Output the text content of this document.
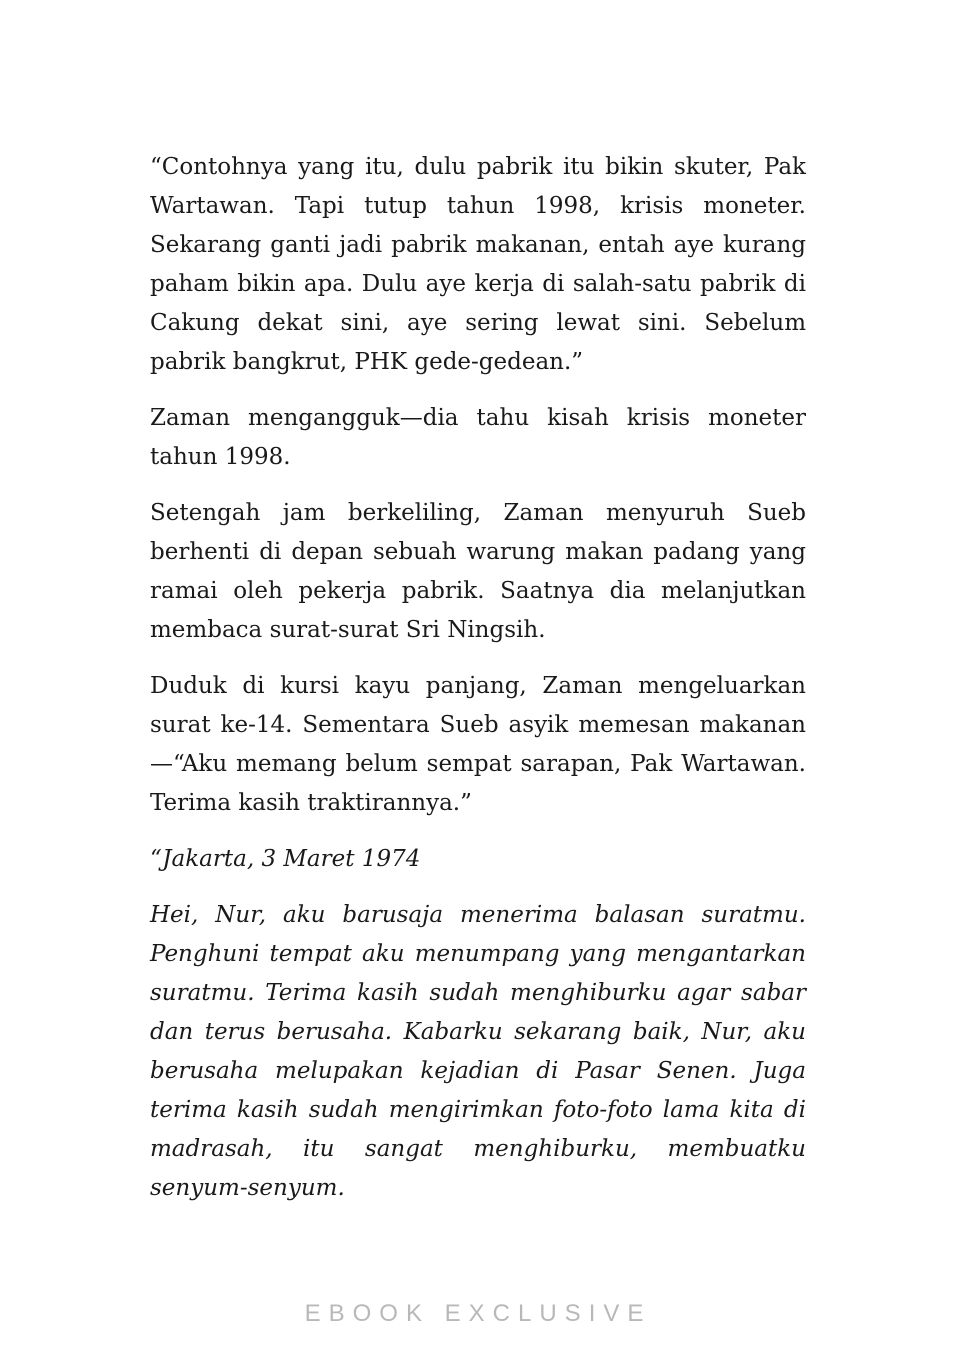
“Contohnya yang itu, dulu pabrik itu bikin skuter, Pak Wartawan. Tapi tutup tahun 1998, krisis moneter. Sekarang ganti jadi pabrik makanan, entah aye kurang paham bikin apa. Dulu aye kerja di salah-satu pabrik di Cakung dekat sini, aye sering lewat sini. Sebelum pabrik bangkrut, PHK gede-gedean.”

Zaman mengangguk—dia tahu kisah krisis moneter tahun 1998.

Setengah jam berkeliling, Zaman menyuruh Sueb berhenti di depan sebuah warung makan padang yang ramai oleh pekerja pabrik. Saatnya dia melanjutkan membaca surat-surat Sri Ningsih.

Duduk di kursi kayu panjang, Zaman mengeluarkan surat ke-14. Sementara Sueb asyik memesan makanan—“Aku memang belum sempat sarapan, Pak Wartawan. Terima kasih traktirannya.”

“Jakarta, 3 Maret 1974

Hei, Nur, aku barusaja menerima balasan suratmu. Penghuni tempat aku menumpang yang mengantarkan suratmu. Terima kasih sudah menghiburku agar sabar dan terus berusaha. Kabarku sekarang baik, Nur, aku berusaha melupakan kejadian di Pasar Senen. Juga terima kasih sudah mengirimkan foto-foto lama kita di madrasah, itu sangat menghiburku, membuatku senyum-senyum.

EBOOK EXCLUSIVE
